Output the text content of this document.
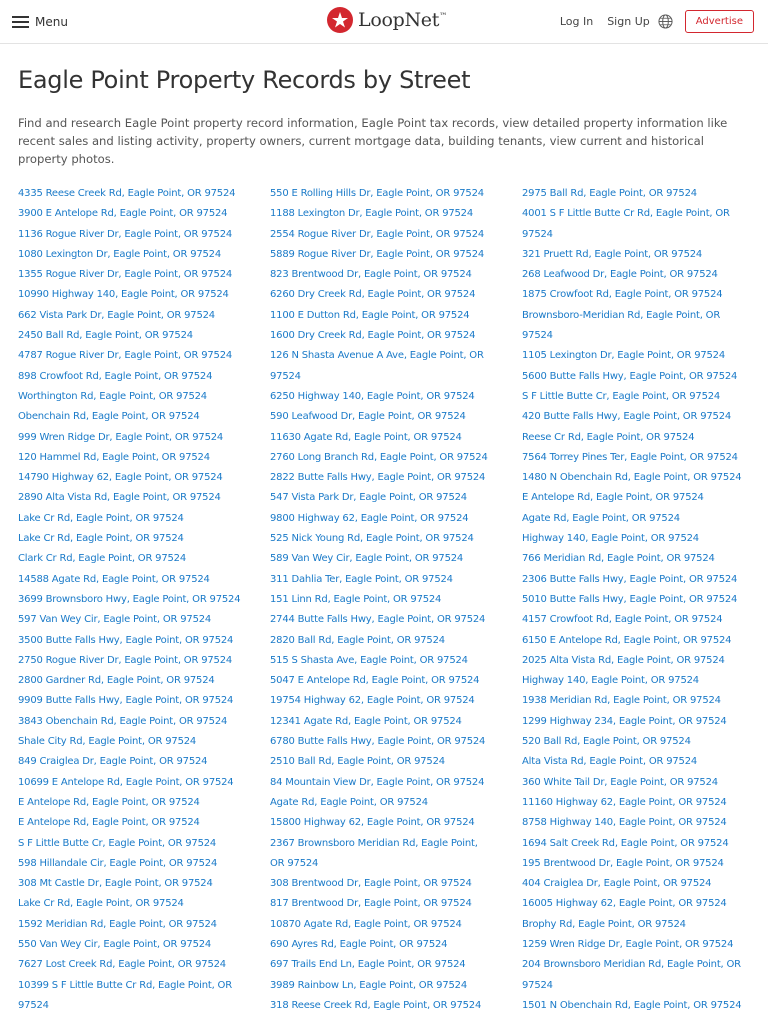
Menu	LoopNet™	Log In Sign Up	Advertise
Eagle Point Property Records by Street

Find and research Eagle Point property record information, Eagle Point tax records, view detailed property information like recent sales and listing activity, property owners, current mortgage data, building tenants, view current and historical property photos.

4335 Reese Creek Rd, Eagle Point, OR 97524
3900 E Antelope Rd, Eagle Point, OR 97524
1136 Rogue River Dr, Eagle Point, OR 97524
1080 Lexington Dr, Eagle Point, OR 97524
1355 Rogue River Dr, Eagle Point, OR 97524
10990 Highway 140, Eagle Point, OR 97524
662 Vista Park Dr, Eagle Point, OR 97524
2450 Ball Rd, Eagle Point, OR 97524
4787 Rogue River Dr, Eagle Point, OR 97524
898 Crowfoot Rd, Eagle Point, OR 97524
Worthington Rd, Eagle Point, OR 97524
Obenchain Rd, Eagle Point, OR 97524
999 Wren Ridge Dr, Eagle Point, OR 97524
120 Hammel Rd, Eagle Point, OR 97524
14790 Highway 62, Eagle Point, OR 97524
2890 Alta Vista Rd, Eagle Point, OR 97524
Lake Cr Rd, Eagle Point, OR 97524
Lake Cr Rd, Eagle Point, OR 97524
Clark Cr Rd, Eagle Point, OR 97524
14588 Agate Rd, Eagle Point, OR 97524
3699 Brownsboro Hwy, Eagle Point, OR 97524
597 Van Wey Cir, Eagle Point, OR 97524
3500 Butte Falls Hwy, Eagle Point, OR 97524
2750 Rogue River Dr, Eagle Point, OR 97524
2800 Gardner Rd, Eagle Point, OR 97524
9909 Butte Falls Hwy, Eagle Point, OR 97524
3843 Obenchain Rd, Eagle Point, OR 97524
Shale City Rd, Eagle Point, OR 97524
849 Craiglea Dr, Eagle Point, OR 97524
10699 E Antelope Rd, Eagle Point, OR 97524
E Antelope Rd, Eagle Point, OR 97524
E Antelope Rd, Eagle Point, OR 97524
S F Little Butte Cr, Eagle Point, OR 97524
598 Hillandale Cir, Eagle Point, OR 97524
308 Mt Castle Dr, Eagle Point, OR 97524
Lake Cr Rd, Eagle Point, OR 97524
1592 Meridian Rd, Eagle Point, OR 97524
550 Van Wey Cir, Eagle Point, OR 97524
7627 Lost Creek Rd, Eagle Point, OR 97524
10399 S F Little Butte Cr Rd, Eagle Point, OR 97524
550 E Rolling Hills Dr, Eagle Point, OR 97524
1188 Lexington Dr, Eagle Point, OR 97524
2554 Rogue River Dr, Eagle Point, OR 97524
5889 Rogue River Dr, Eagle Point, OR 97524
823 Brentwood Dr, Eagle Point, OR 97524
6260 Dry Creek Rd, Eagle Point, OR 97524
1100 E Dutton Rd, Eagle Point, OR 97524
1600 Dry Creek Rd, Eagle Point, OR 97524
126 N Shasta Avenue A Ave, Eagle Point, OR 97524
6250 Highway 140, Eagle Point, OR 97524
590 Leafwood Dr, Eagle Point, OR 97524
11630 Agate Rd, Eagle Point, OR 97524
2760 Long Branch Rd, Eagle Point, OR 97524
2822 Butte Falls Hwy, Eagle Point, OR 97524
547 Vista Park Dr, Eagle Point, OR 97524
9800 Highway 62, Eagle Point, OR 97524
525 Nick Young Rd, Eagle Point, OR 97524
589 Van Wey Cir, Eagle Point, OR 97524
311 Dahlia Ter, Eagle Point, OR 97524
151 Linn Rd, Eagle Point, OR 97524
2744 Butte Falls Hwy, Eagle Point, OR 97524
2820 Ball Rd, Eagle Point, OR 97524
515 S Shasta Ave, Eagle Point, OR 97524
5047 E Antelope Rd, Eagle Point, OR 97524
19754 Highway 62, Eagle Point, OR 97524
12341 Agate Rd, Eagle Point, OR 97524
6780 Butte Falls Hwy, Eagle Point, OR 97524
2510 Ball Rd, Eagle Point, OR 97524
84 Mountain View Dr, Eagle Point, OR 97524
Agate Rd, Eagle Point, OR 97524
15800 Highway 62, Eagle Point, OR 97524
2367 Brownsboro Meridian Rd, Eagle Point, OR 97524
308 Brentwood Dr, Eagle Point, OR 97524
817 Brentwood Dr, Eagle Point, OR 97524
10870 Agate Rd, Eagle Point, OR 97524
690 Ayres Rd, Eagle Point, OR 97524
697 Trails End Ln, Eagle Point, OR 97524
3989 Rainbow Ln, Eagle Point, OR 97524
318 Reese Creek Rd, Eagle Point, OR 97524
2975 Ball Rd, Eagle Point, OR 97524
4001 S F Little Butte Cr Rd, Eagle Point, OR 97524
321 Pruett Rd, Eagle Point, OR 97524
268 Leafwood Dr, Eagle Point, OR 97524
1875 Crowfoot Rd, Eagle Point, OR 97524
Brownsboro-Meridian Rd, Eagle Point, OR 97524
1105 Lexington Dr, Eagle Point, OR 97524
5600 Butte Falls Hwy, Eagle Point, OR 97524
S F Little Butte Cr, Eagle Point, OR 97524
420 Butte Falls Hwy, Eagle Point, OR 97524
Reese Cr Rd, Eagle Point, OR 97524
7564 Torrey Pines Ter, Eagle Point, OR 97524
1480 N Obenchain Rd, Eagle Point, OR 97524
E Antelope Rd, Eagle Point, OR 97524
Agate Rd, Eagle Point, OR 97524
Highway 140, Eagle Point, OR 97524
766 Meridian Rd, Eagle Point, OR 97524
2306 Butte Falls Hwy, Eagle Point, OR 97524
5010 Butte Falls Hwy, Eagle Point, OR 97524
4157 Crowfoot Rd, Eagle Point, OR 97524
6150 E Antelope Rd, Eagle Point, OR 97524
2025 Alta Vista Rd, Eagle Point, OR 97524
Highway 140, Eagle Point, OR 97524
1938 Meridian Rd, Eagle Point, OR 97524
1299 Highway 234, Eagle Point, OR 97524
520 Ball Rd, Eagle Point, OR 97524
Alta Vista Rd, Eagle Point, OR 97524
360 White Tail Dr, Eagle Point, OR 97524
11160 Highway 62, Eagle Point, OR 97524
8758 Highway 140, Eagle Point, OR 97524
1694 Salt Creek Rd, Eagle Point, OR 97524
195 Brentwood Dr, Eagle Point, OR 97524
404 Craiglea Dr, Eagle Point, OR 97524
16005 Highway 62, Eagle Point, OR 97524
Brophy Rd, Eagle Point, OR 97524
1259 Wren Ridge Dr, Eagle Point, OR 97524
204 Brownsboro Meridian Rd, Eagle Point, OR 97524
1501 N Obenchain Rd, Eagle Point, OR 97524
